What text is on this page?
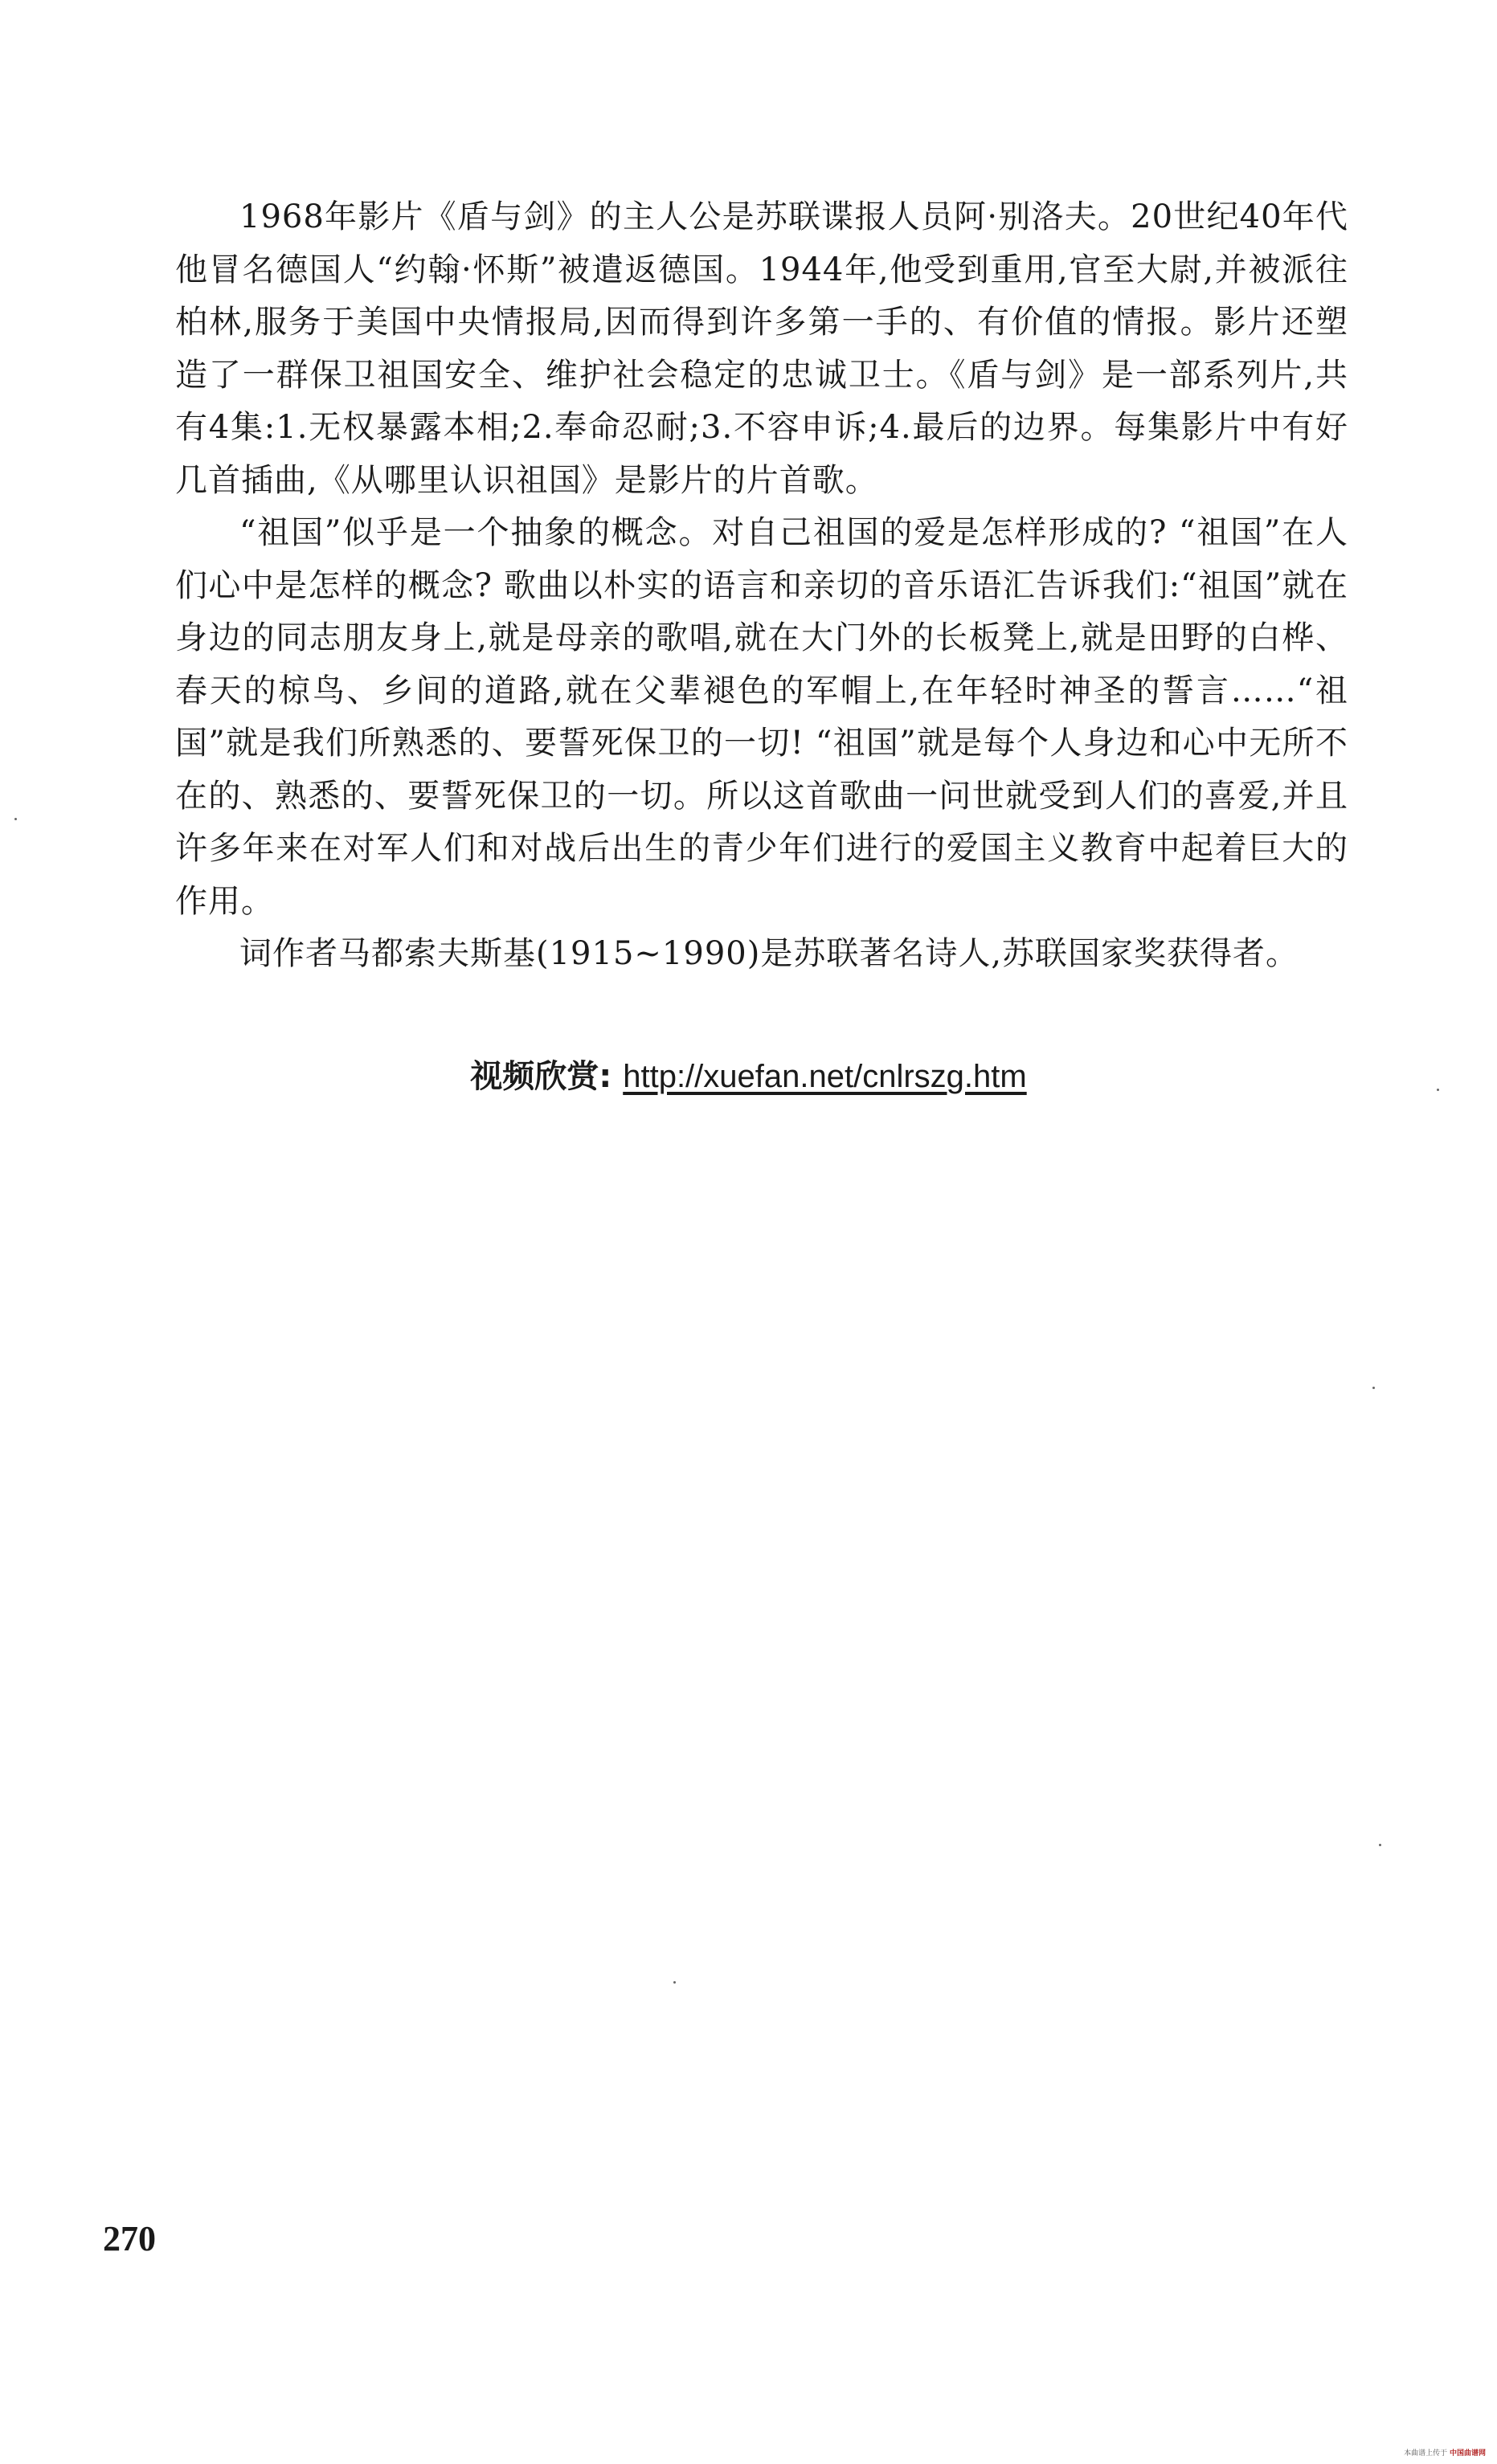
1968年影片《盾与剑》的主人公是苏联谍报人员阿·别洛夫。20世纪40年代他冒名德国人“约翰·怀斯”被遣返德国。1944年,他受到重用,官至大尉,并被派往柏林,服务于美国中央情报局,因而得到许多第一手的、有价值的情报。影片还塑造了一群保卫祖国安全、维护社会稳定的忠诚卫士。《盾与剑》是一部系列片,共有4集:1.无权暴露本相;2.奉命忍耐;3.不容申诉;4.最后的边界。每集影片中有好几首插曲,《从哪里认识祖国》是影片的片首歌。

“祖国”似乎是一个抽象的概念。对自己祖国的爱是怎样形成的? “祖国”在人们心中是怎样的概念? 歌曲以朴实的语言和亲切的音乐语汇告诉我们:“祖国”就在身边的同志朋友身上,就是母亲的歌唱,就在大门外的长板凳上,就是田野的白桦、春天的椋鸟、乡间的道路,就在父辈褪色的军帽上,在年轻时神圣的誓言……“祖国”就是我们所熟悉的、要誓死保卫的一切! “祖国”就是每个人身边和心中无所不在的、熟悉的、要誓死保卫的一切。所以这首歌曲一问世就受到人们的喜爱,并且许多年来在对军人们和对战后出生的青少年们进行的爱国主义教育中起着巨大的作用。

词作者马都索夫斯基(1915~1990)是苏联著名诗人,苏联国家奖获得者。

视频欣赏: http://xuefan.net/cnlrszg.htm
270
本曲谱上传于 中国曲谱网
